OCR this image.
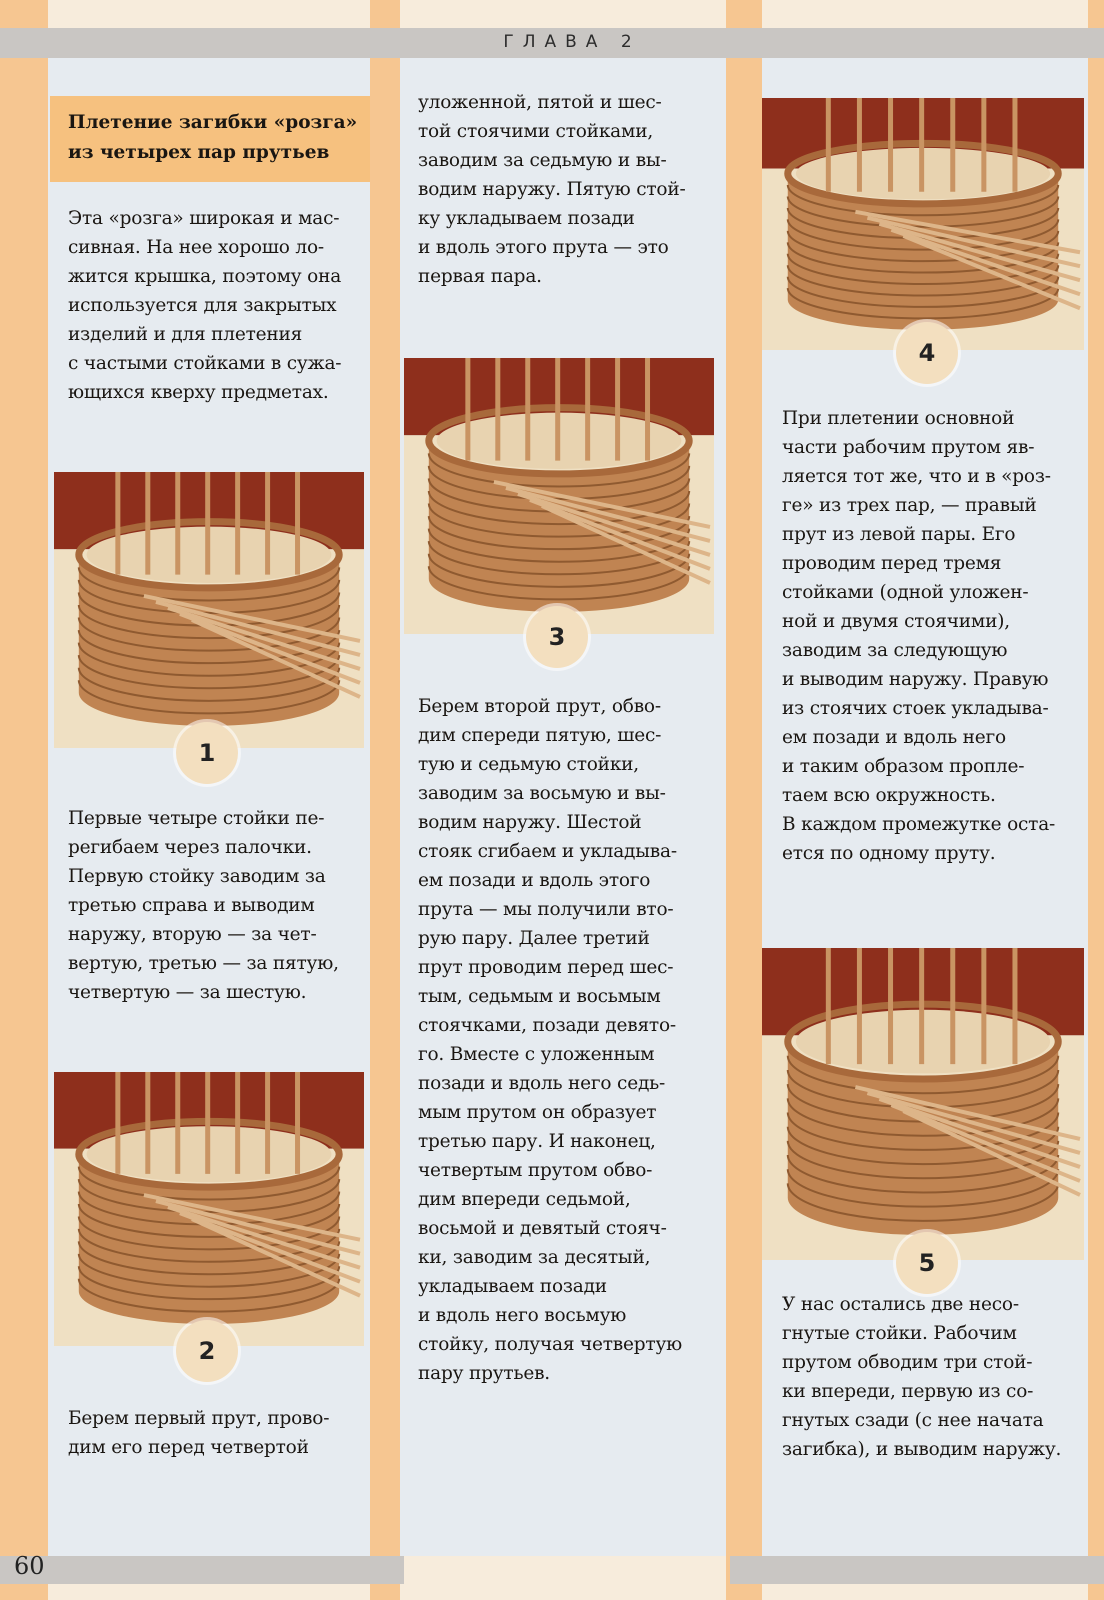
ГЛАВА 2
Плетение загибки «розга» из четырех пар прутьев

Эта «розга» широкая и мас-
сивная. На нее хорошо ло-
жится крышка, поэтому она
используется для закрытых
изделий и для плетения
с частыми стойками в сужа-
ющихся кверху предметах.

1

Первые четыре стойки пе-
регибаем через палочки.
Первую стойку заводим за
третью справа и выводим
наружу, вторую — за чет-
вертую, третью — за пятую,
четвертую — за шестую.

2

Берем первый прут, прово-
дим его перед четвертой

уложенной, пятой и шес-
той стоячими стойками,
заводим за седьмую и вы-
водим наружу. Пятую стой-
ку укладываем позади
и вдоль этого прута — это
первая пара.

3

Берем второй прут, обво-
дим спереди пятую, шес-
тую и седьмую стойки,
заводим за восьмую и вы-
водим наружу. Шестой
стояк сгибаем и укладыва-
ем позади и вдоль этого
прута — мы получили вто-
рую пару. Далее третий
прут проводим перед шес-
тым, седьмым и восьмым
стоячками, позади девято-
го. Вместе с уложенным
позади и вдоль него седь-
мым прутом он образует
третью пару. И наконец,
четвертым прутом обво-
дим впереди седьмой,
восьмой и девятый стояч-
ки, заводим за десятый,
укладываем позади
и вдоль него восьмую
стойку, получая четвертую
пару прутьев.

4

При плетении основной
части рабочим прутом яв-
ляется тот же, что и в «роз-
ге» из трех пар, — правый
прут из левой пары. Его
проводим перед тремя
стойками (одной уложен-
ной и двумя стоячими),
заводим за следующую
и выводим наружу. Правую
из стоячих стоек укладыва-
ем позади и вдоль него
и таким образом пропле-
таем всю окружность.
В каждом промежутке оста-
ется по одному пруту.

5

У нас остались две несо-
гнутые стойки. Рабочим
прутом обводим три стой-
ки впереди, первую из со-
гнутых сзади (с нее начата
загибка), и выводим наружу.

60
